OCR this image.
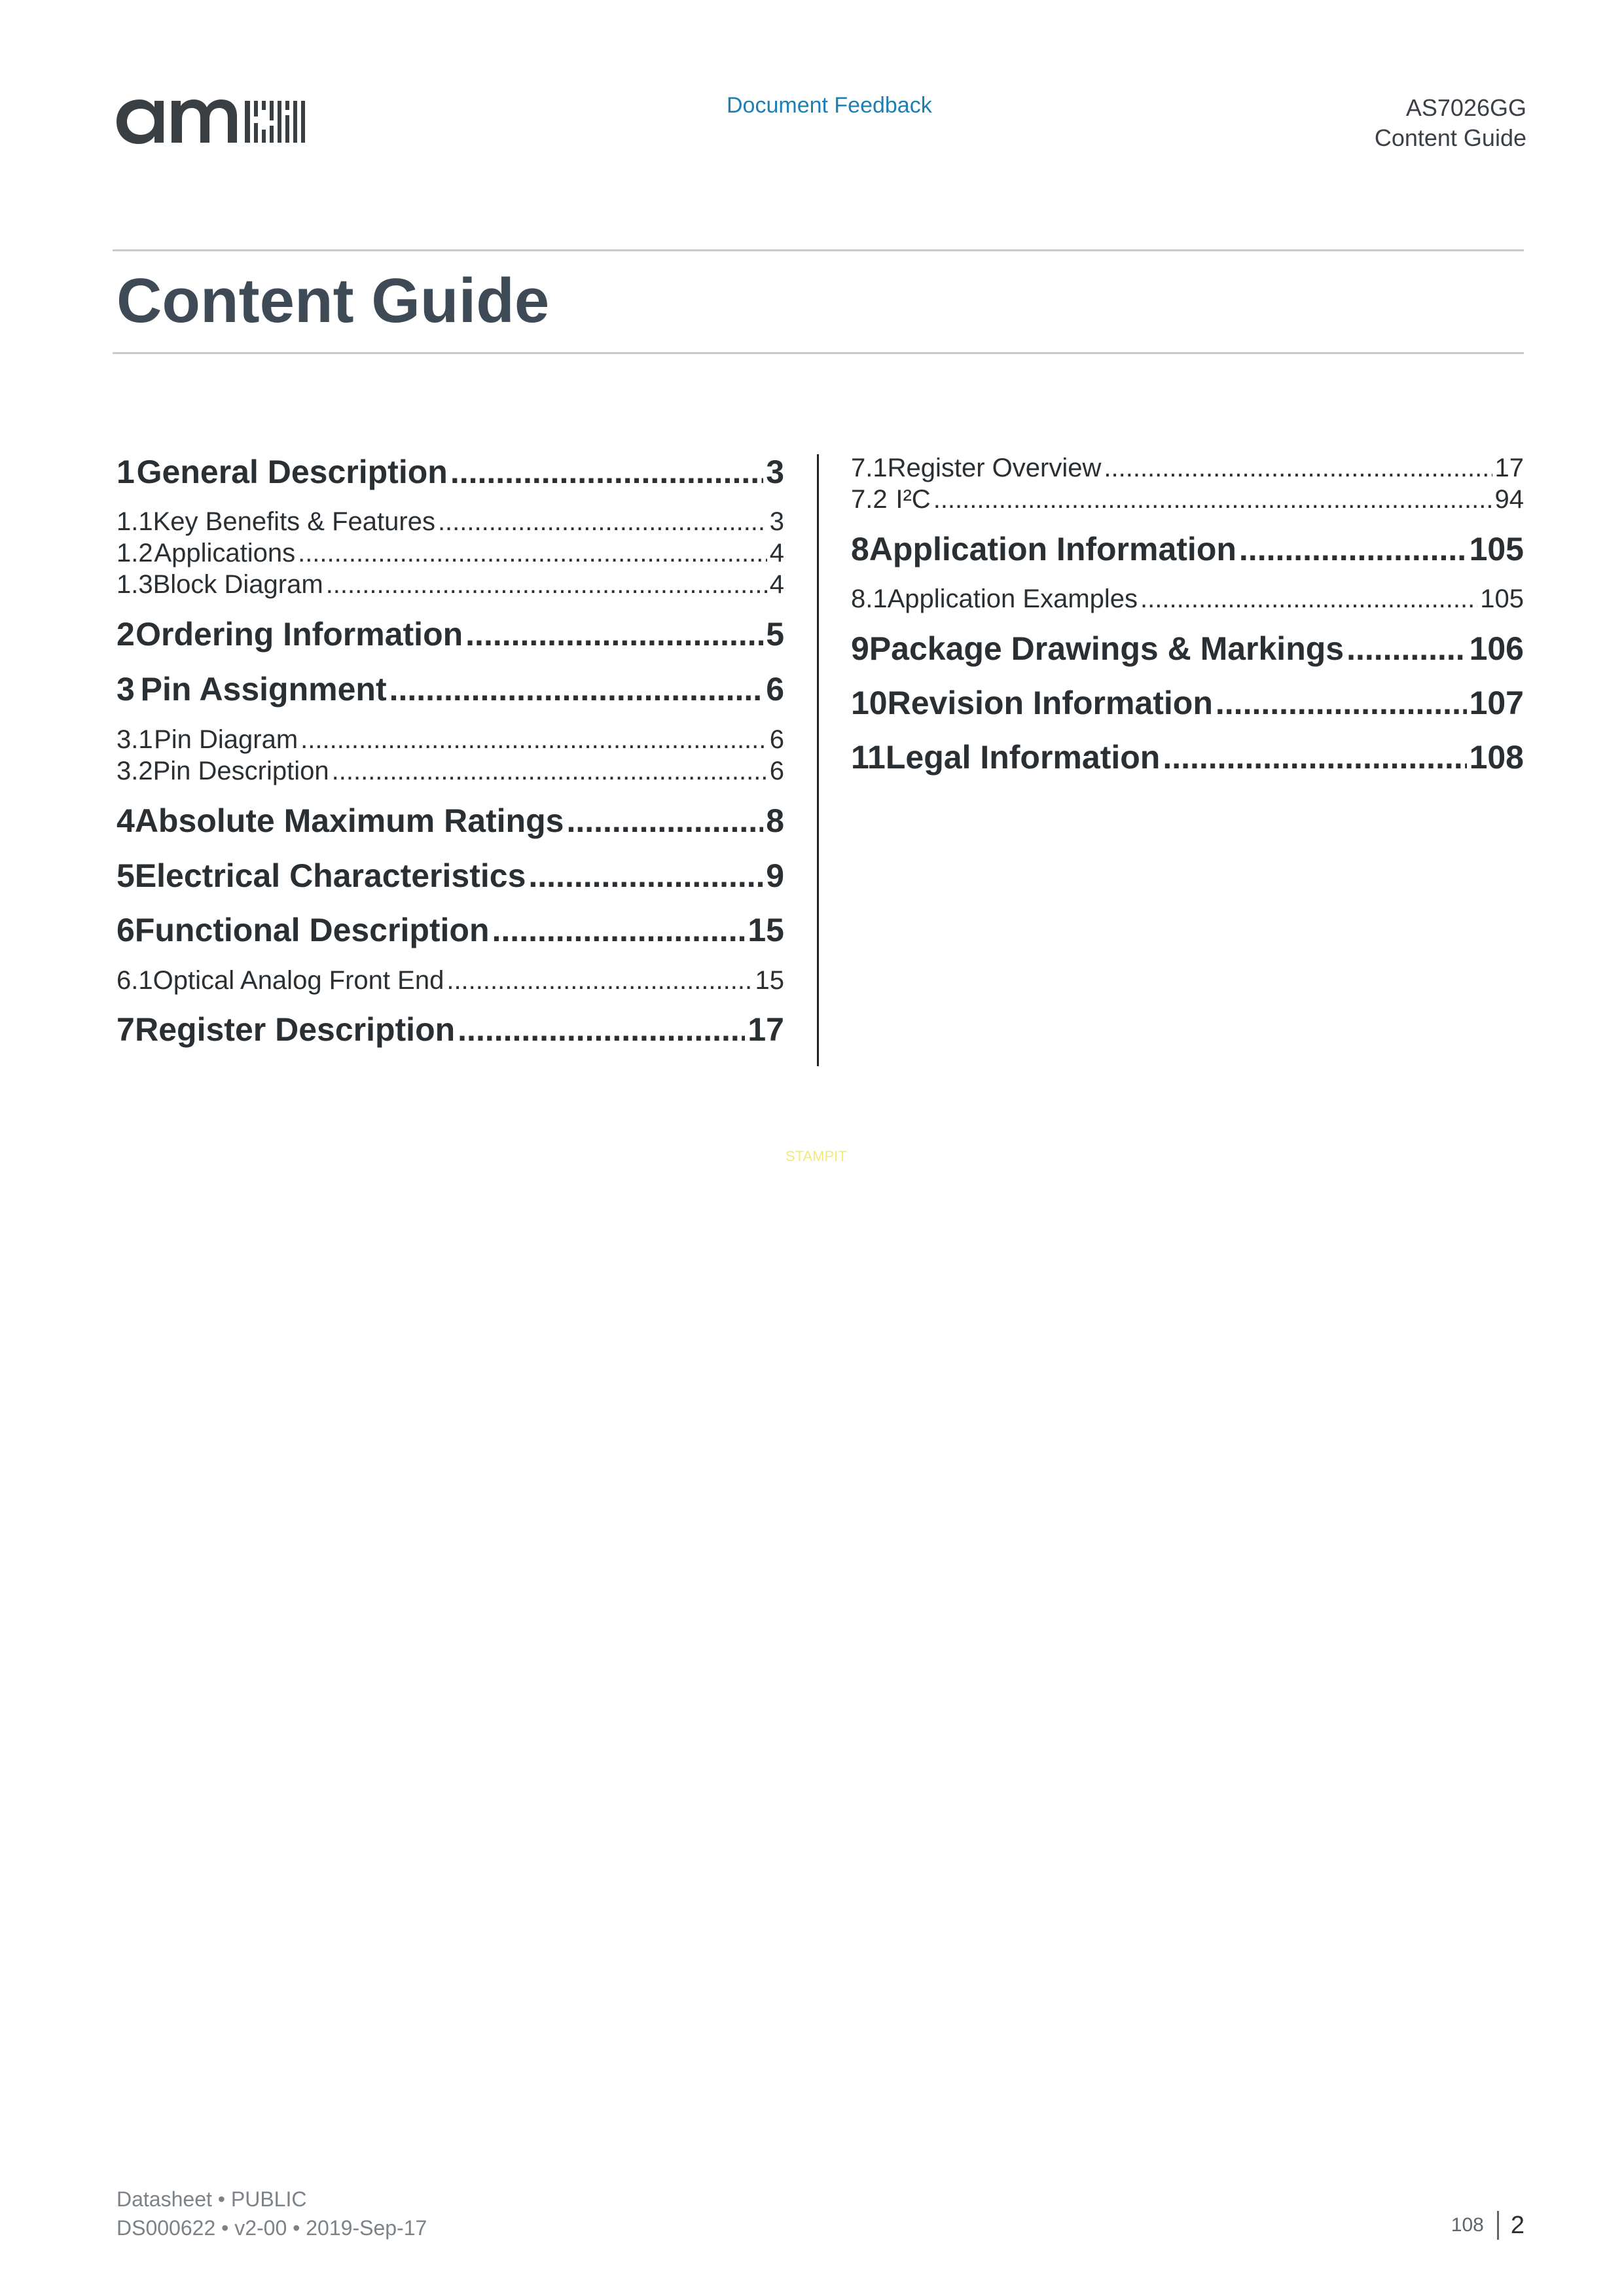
Document Feedback	AS7026GG
Content Guide
Content Guide
1 General Description .....	3
1.1 Key Benefits & Features .....	3
1.2 Applications .....	4
1.3 Block Diagram .....	4
2 Ordering Information .....	5
3 Pin Assignment .....	6
3.1 Pin Diagram .....	6
3.2 Pin Description .....	6
4 Absolute Maximum Ratings .....	8
5 Electrical Characteristics .....	9
6 Functional Description .....	15
6.1 Optical Analog Front End .....	15
7 Register Description .....	17
7.1 Register Overview .....	17
7.2 I²C .....	94
8 Application Information .....	105
8.1 Application Examples .....	105
9 Package Drawings & Markings .....	106
10 Revision Information .....	107
11 Legal Information .....	108
STAMPIT
Datasheet • PUBLIC
DS000622 • v2-00 • 2019-Sep-17	108 2
